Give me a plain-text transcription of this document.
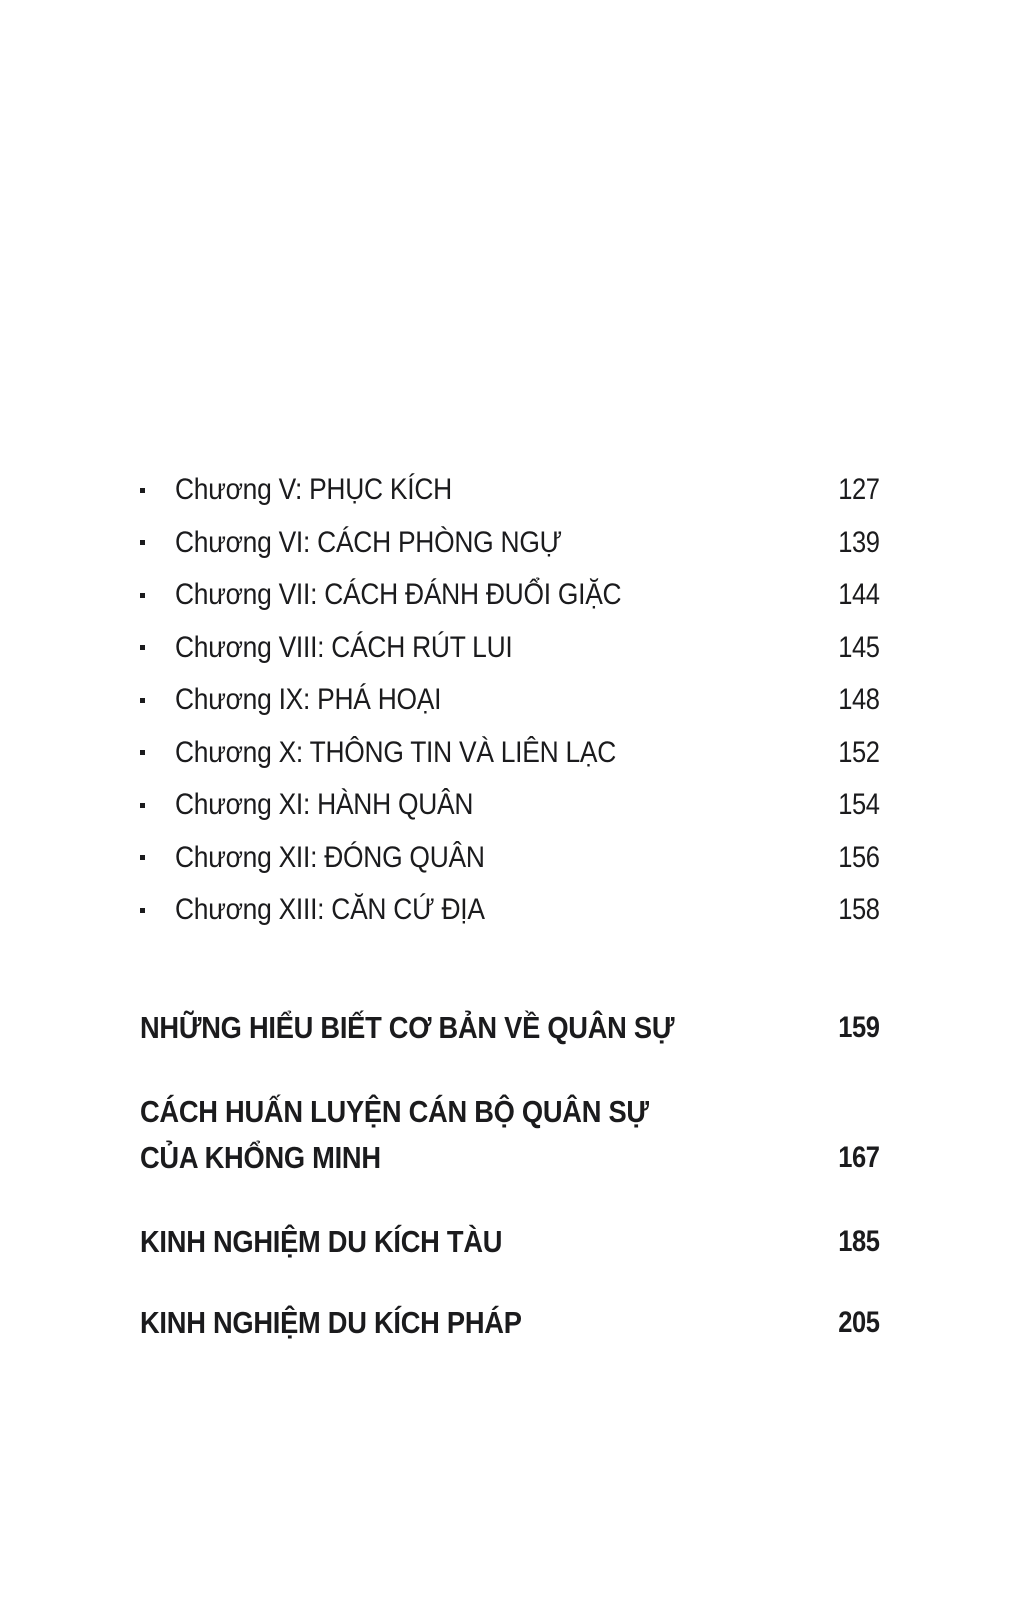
Chương V: PHỤC KÍCH	127
Chương VI: CÁCH PHÒNG NGỰ	139
Chương VII: CÁCH ĐÁNH ĐUỔI GIẶC	144
Chương VIII: CÁCH RÚT LUI	145
Chương IX: PHÁ HOẠI	148
Chương X: THÔNG TIN VÀ LIÊN LẠC	152
Chương XI: HÀNH QUÂN	154
Chương XII: ĐÓNG QUÂN	156
Chương XIII: CĂN CỨ ĐỊA	158
NHỮNG HIỂU BIẾT CƠ BẢN VỀ QUÂN SỰ	159
CÁCH HUẤN LUYỆN CÁN BỘ QUÂN SỰ
CỦA KHỔNG MINH	167
KINH NGHIỆM DU KÍCH TÀU	185
KINH NGHIỆM DU KÍCH PHÁP	205
